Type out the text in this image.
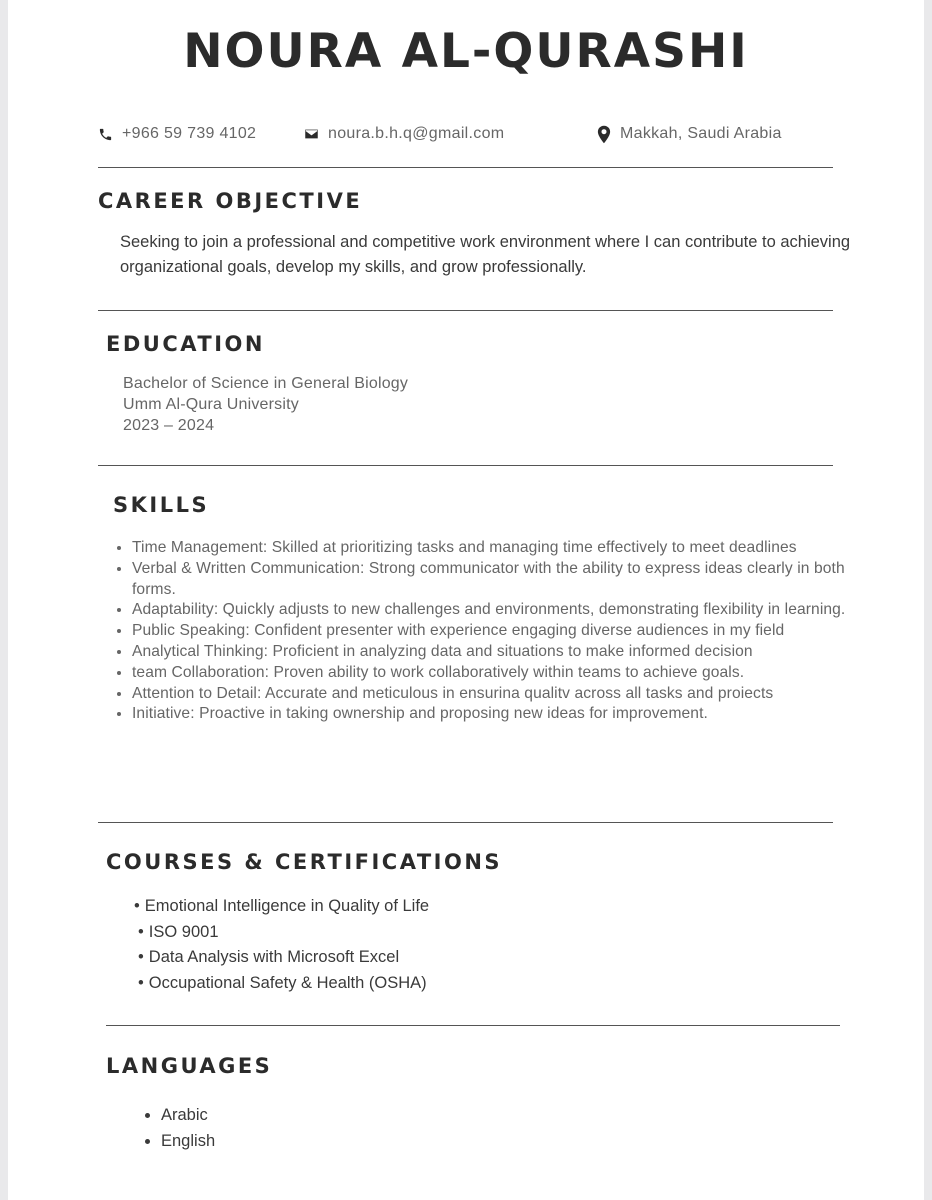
NOURA AL-QURASHI
+966 59 739 4102	noura.b.h.q@gmail.com	Makkah, Saudi Arabia
CAREER OBJECTIVE

Seeking to join a professional and competitive work environment where I can contribute to achieving organizational goals, develop my skills, and grow professionally.

EDUCATION
Bachelor of Science in General Biology
Umm Al-Qura University
2023 – 2024
SKILLS
• Time Management: Skilled at prioritizing tasks and managing time effectively to meet deadlines
• Verbal & Written Communication: Strong communicator with the ability to express ideas clearly in both forms.
• Adaptability: Quickly adjusts to new challenges and environments, demonstrating flexibility in learning.
• Public Speaking: Confident presenter with experience engaging diverse audiences in my field
• Analytical Thinking: Proficient in analyzing data and situations to make informed decision
• team Collaboration: Proven ability to work collaboratively within teams to achieve goals.
• Attention to Detail: Accurate and meticulous in ensurina qualitv across all tasks and proiects
• Initiative: Proactive in taking ownership and proposing new ideas for improvement.
COURSES & CERTIFICATIONS
• Emotional Intelligence in Quality of Life
• ISO 9001
• Data Analysis with Microsoft Excel
• Occupational Safety & Health (OSHA)
LANGUAGES
• Arabic
• English
